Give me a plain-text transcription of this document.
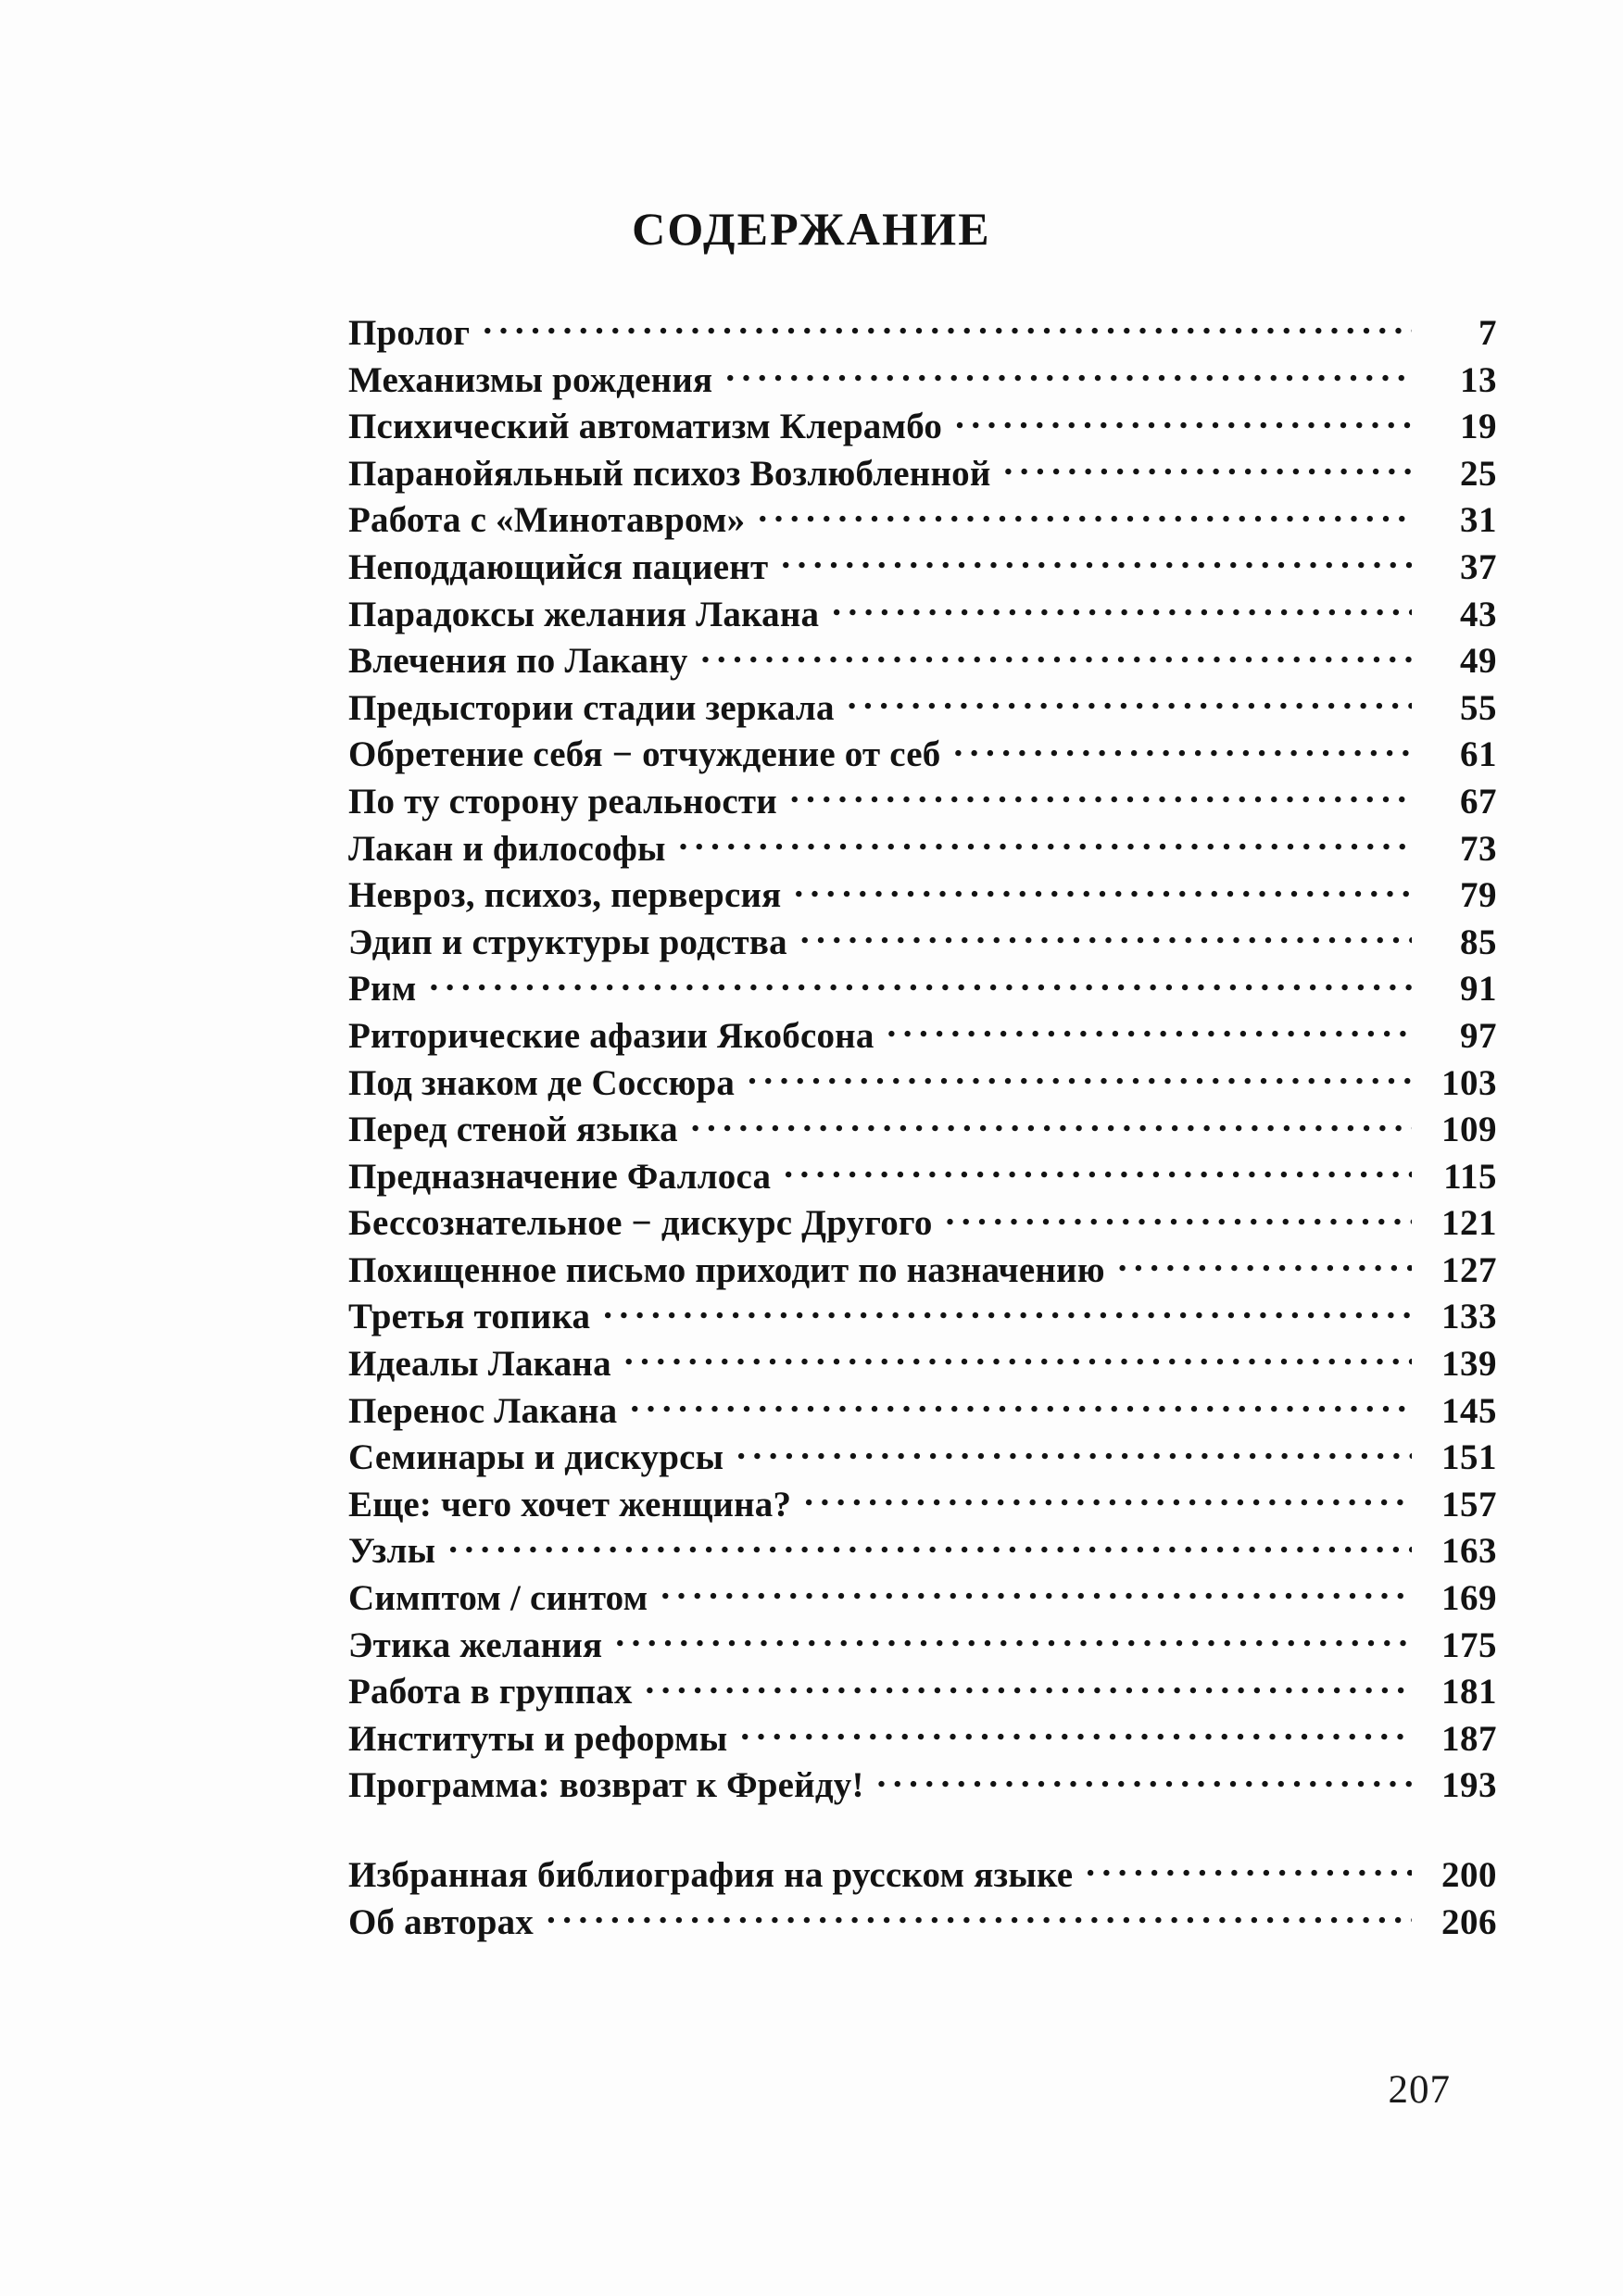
СОДЕРЖАНИЕ
Пролог .....	7
Механизмы рождения .....	13
Психический автоматизм Клерамбо .....	19
Паранойяльный психоз Возлюбленной .....	25
Работа с «Минотавром» .....	31
Неподдающийся пациент .....	37
Парадоксы желания Лакана .....	43
Влечения по Лакану .....	49
Предыстории стадии зеркала .....	55
Обретение себя − отчуждение от себ .....	61
По ту сторону реальности .....	67
Лакан и философы .....	73
Невроз, психоз, перверсия .....	79
Эдип и структуры родства .....	85
Рим .....	91
Риторические афазии Якобсона .....	97
Под знаком де Соссюра .....	103
Перед стеной языка .....	109
Предназначение Фаллоса .....	115
Бессознательное − дискурс Другого .....	121
Похищенное письмо приходит по назначению .....	127
Третья топика .....	133
Идеалы Лакана .....	139
Перенос Лакана .....	145
Семинары и дискурсы .....	151
Еще: чего хочет женщина? .....	157
Узлы .....	163
Симптом / синтом .....	169
Этика желания .....	175
Работа в группах .....	181
Институты и реформы .....	187
Программа: возврат к Фрейду! .....	193
Избранная библиография на русском языке .....	200
Об авторах .....	206
207
